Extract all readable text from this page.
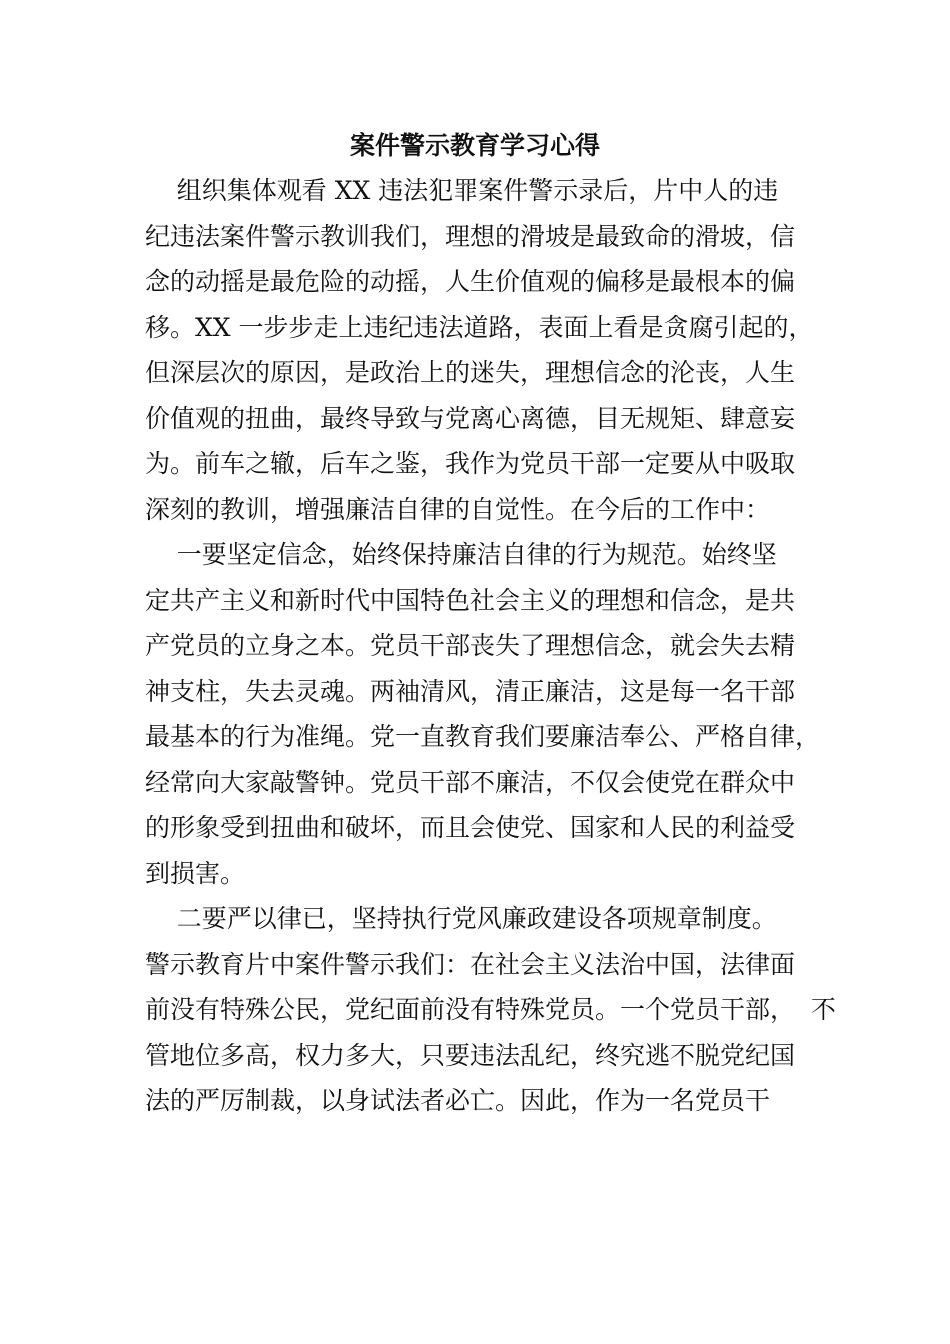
案件警示教育学习心得

组织集体观看 XX 违法犯罪案件警示录后，片中人的违
纪违法案件警示教训我们，理想的滑坡是最致命的滑坡，信
念的动摇是最危险的动摇，人生价值观的偏移是最根本的偏
移。XX 一步步走上违纪违法道路，表面上看是贪腐引起的，
但深层次的原因，是政治上的迷失，理想信念的沦丧，人生
价值观的扭曲，最终导致与党离心离德，目无规矩、肆意妄
为。前车之辙，后车之鉴，我作为党员干部一定要从中吸取
深刻的教训，增强廉洁自律的自觉性。在今后的工作中：

一要坚定信念，始终保持廉洁自律的行为规范。始终坚
定共产主义和新时代中国特色社会主义的理想和信念，是共
产党员的立身之本。党员干部丧失了理想信念，就会失去精
神支柱，失去灵魂。两袖清风，清正廉洁，这是每一名干部
最基本的行为准绳。党一直教育我们要廉洁奉公、严格自律，
经常向大家敲警钟。党员干部不廉洁，不仅会使党在群众中
的形象受到扭曲和破坏，而且会使党、国家和人民的利益受
到损害。

二要严以律已，坚持执行党风廉政建设各项规章制度。
警示教育片中案件警示我们：在社会主义法治中国，法律面
前没有特殊公民，党纪面前没有特殊党员。一个党员干部，  不
管地位多高，权力多大，只要违法乱纪，终究逃不脱党纪国
法的严厉制裁，以身试法者必亡。因此，作为一名党员干
